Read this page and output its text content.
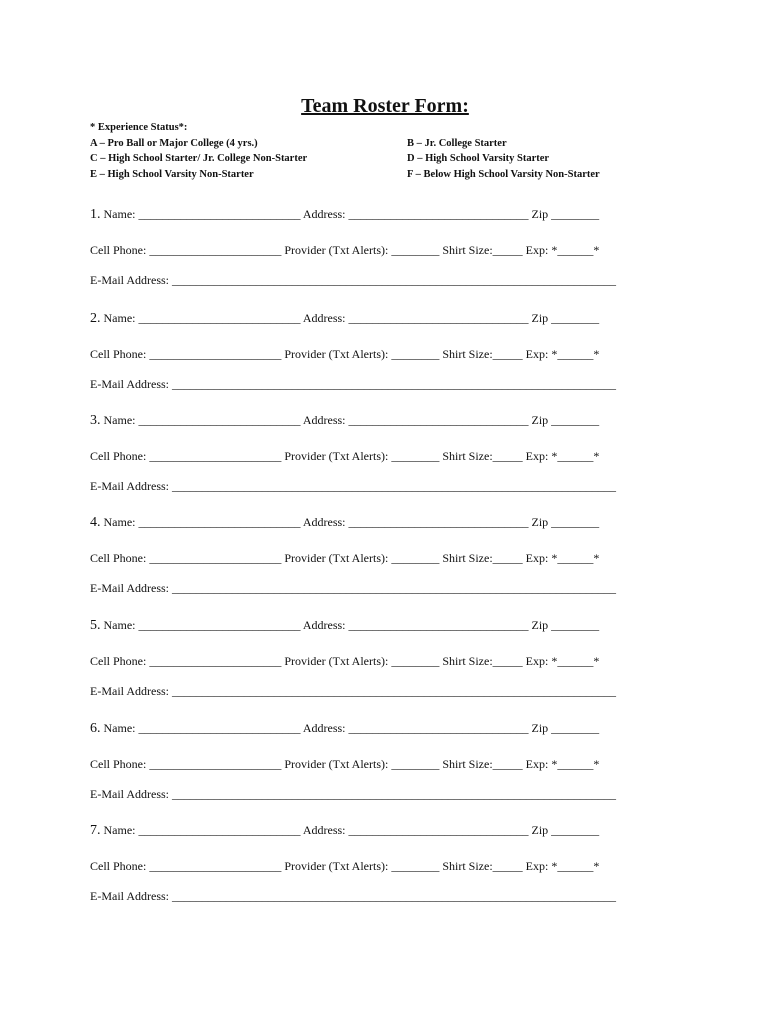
Team Roster Form:
* Experience Status*:
A – Pro Ball or Major College (4 yrs.)	B – Jr. College Starter
C – High School Starter/ Jr. College Non-Starter	D – High School Varsity Starter
E – High School Varsity Non-Starter	F – Below High School Varsity Non-Starter
1. Name: ___________________________ Address: ______________________________ Zip ________
Cell Phone: ______________________ Provider (Txt Alerts): ________ Shirt Size:_____ Exp: *______*
E-Mail Address: __________________________________________________________________________
2. Name: ___________________________ Address: ______________________________ Zip ________
Cell Phone: ______________________ Provider (Txt Alerts): ________ Shirt Size:_____ Exp: *______*
E-Mail Address: __________________________________________________________________________
3. Name: ___________________________ Address: ______________________________ Zip ________
Cell Phone: ______________________ Provider (Txt Alerts): ________ Shirt Size:_____ Exp: *______*
E-Mail Address: __________________________________________________________________________
4. Name: ___________________________ Address: ______________________________ Zip ________
Cell Phone: ______________________ Provider (Txt Alerts): ________ Shirt Size:_____ Exp: *______*
E-Mail Address: __________________________________________________________________________
5. Name: ___________________________ Address: ______________________________ Zip ________
Cell Phone: ______________________ Provider (Txt Alerts): ________ Shirt Size:_____ Exp: *______*
E-Mail Address: __________________________________________________________________________
6. Name: ___________________________ Address: ______________________________ Zip ________
Cell Phone: ______________________ Provider (Txt Alerts): ________ Shirt Size:_____ Exp: *______*
E-Mail Address: __________________________________________________________________________
7. Name: ___________________________ Address: ______________________________ Zip ________
Cell Phone: ______________________ Provider (Txt Alerts): ________ Shirt Size:_____ Exp: *______*
E-Mail Address: __________________________________________________________________________
